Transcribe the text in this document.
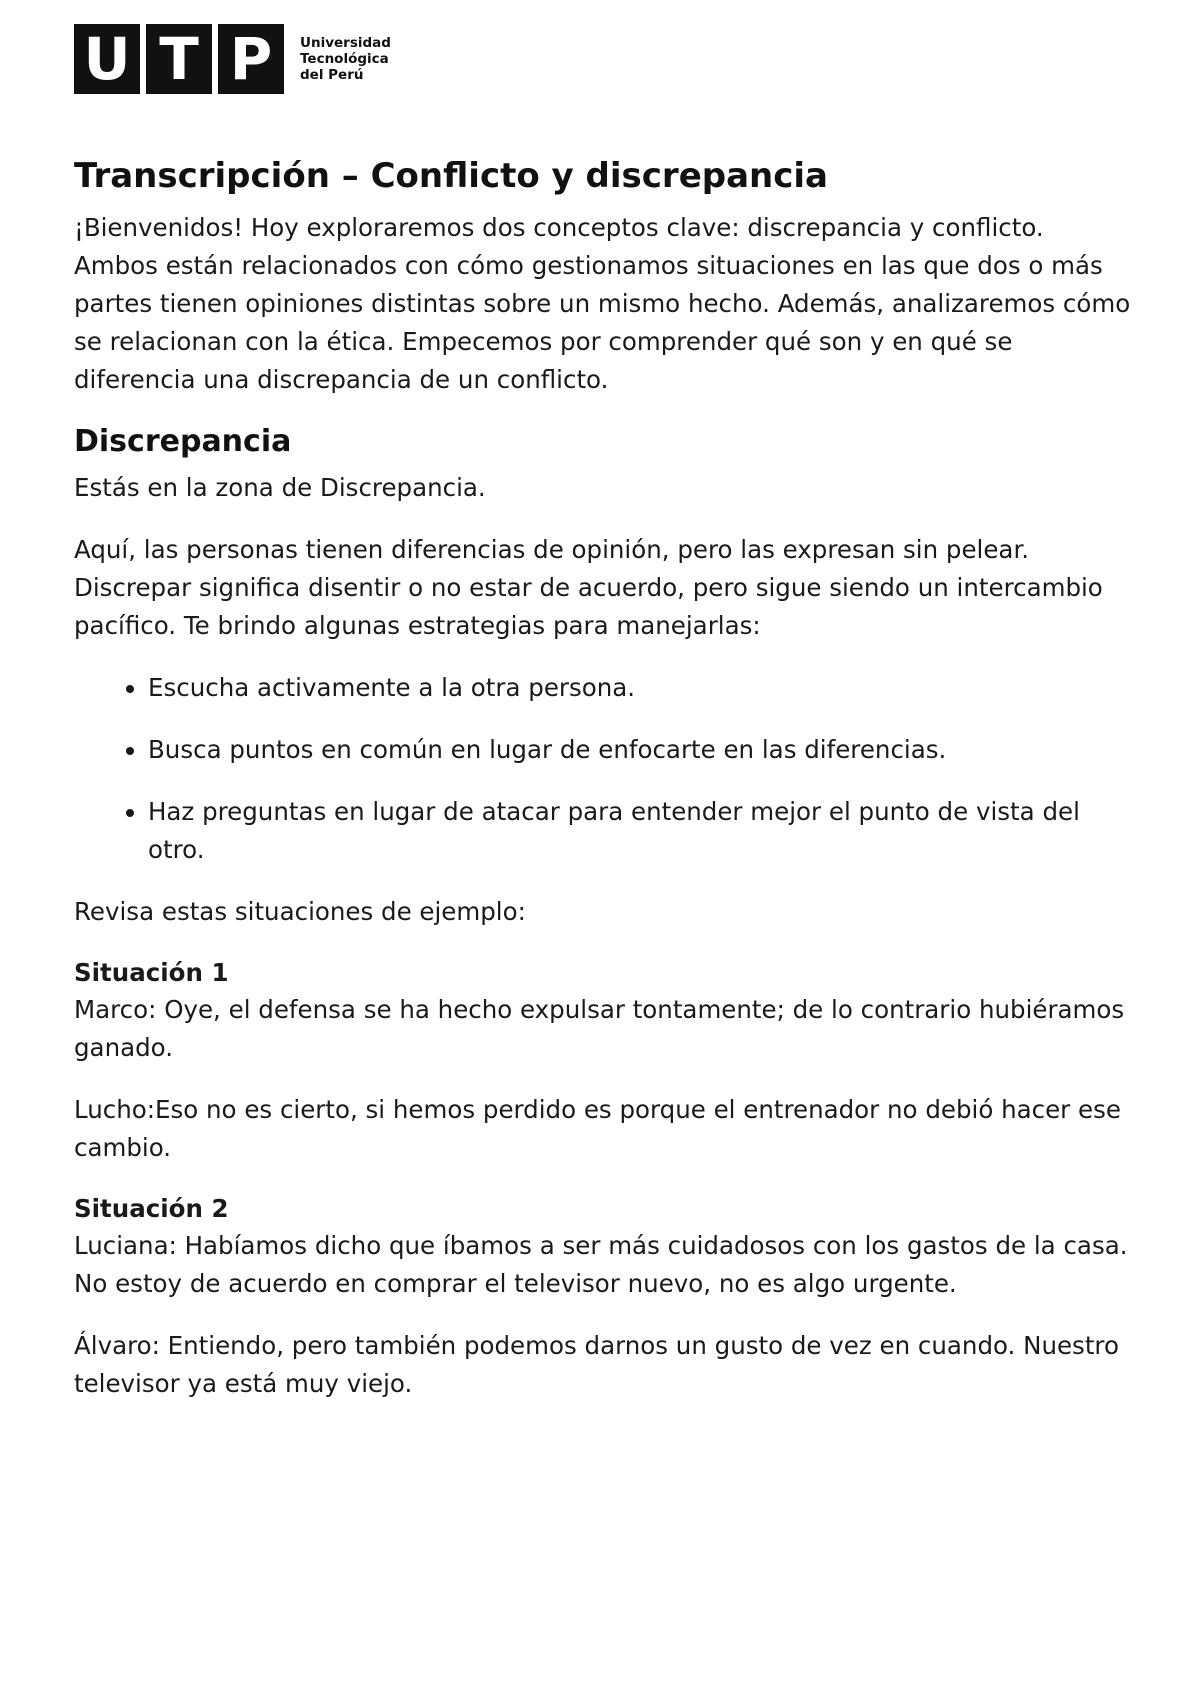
U T P	Universidad
Tecnológica
del Perú
Transcripción – Conflicto y discrepancia

¡Bienvenidos! Hoy exploraremos dos conceptos clave: discrepancia y conflicto. Ambos están relacionados con cómo gestionamos situaciones en las que dos o más partes tienen opiniones distintas sobre un mismo hecho. Además, analizaremos cómo se relacionan con la ética. Empecemos por comprender qué son y en qué se diferencia una discrepancia de un conflicto.

Discrepancia

Estás en la zona de Discrepancia.

Aquí, las personas tienen diferencias de opinión, pero las expresan sin pelear. Discrepar significa disentir o no estar de acuerdo, pero sigue siendo un intercambio pacífico. Te brindo algunas estrategias para manejarlas:

• Escucha activamente a la otra persona.
• Busca puntos en común en lugar de enfocarte en las diferencias.
• Haz preguntas en lugar de atacar para entender mejor el punto de vista del otro.

Revisa estas situaciones de ejemplo:

Situación 1

Marco: Oye, el defensa se ha hecho expulsar tontamente; de lo contrario hubiéramos ganado.

Lucho:Eso no es cierto, si hemos perdido es porque el entrenador no debió hacer ese cambio.

Situación 2

Luciana: Habíamos dicho que íbamos a ser más cuidadosos con los gastos de la casa. No estoy de acuerdo en comprar el televisor nuevo, no es algo urgente.

Álvaro: Entiendo, pero también podemos darnos un gusto de vez en cuando. Nuestro televisor ya está muy viejo.
